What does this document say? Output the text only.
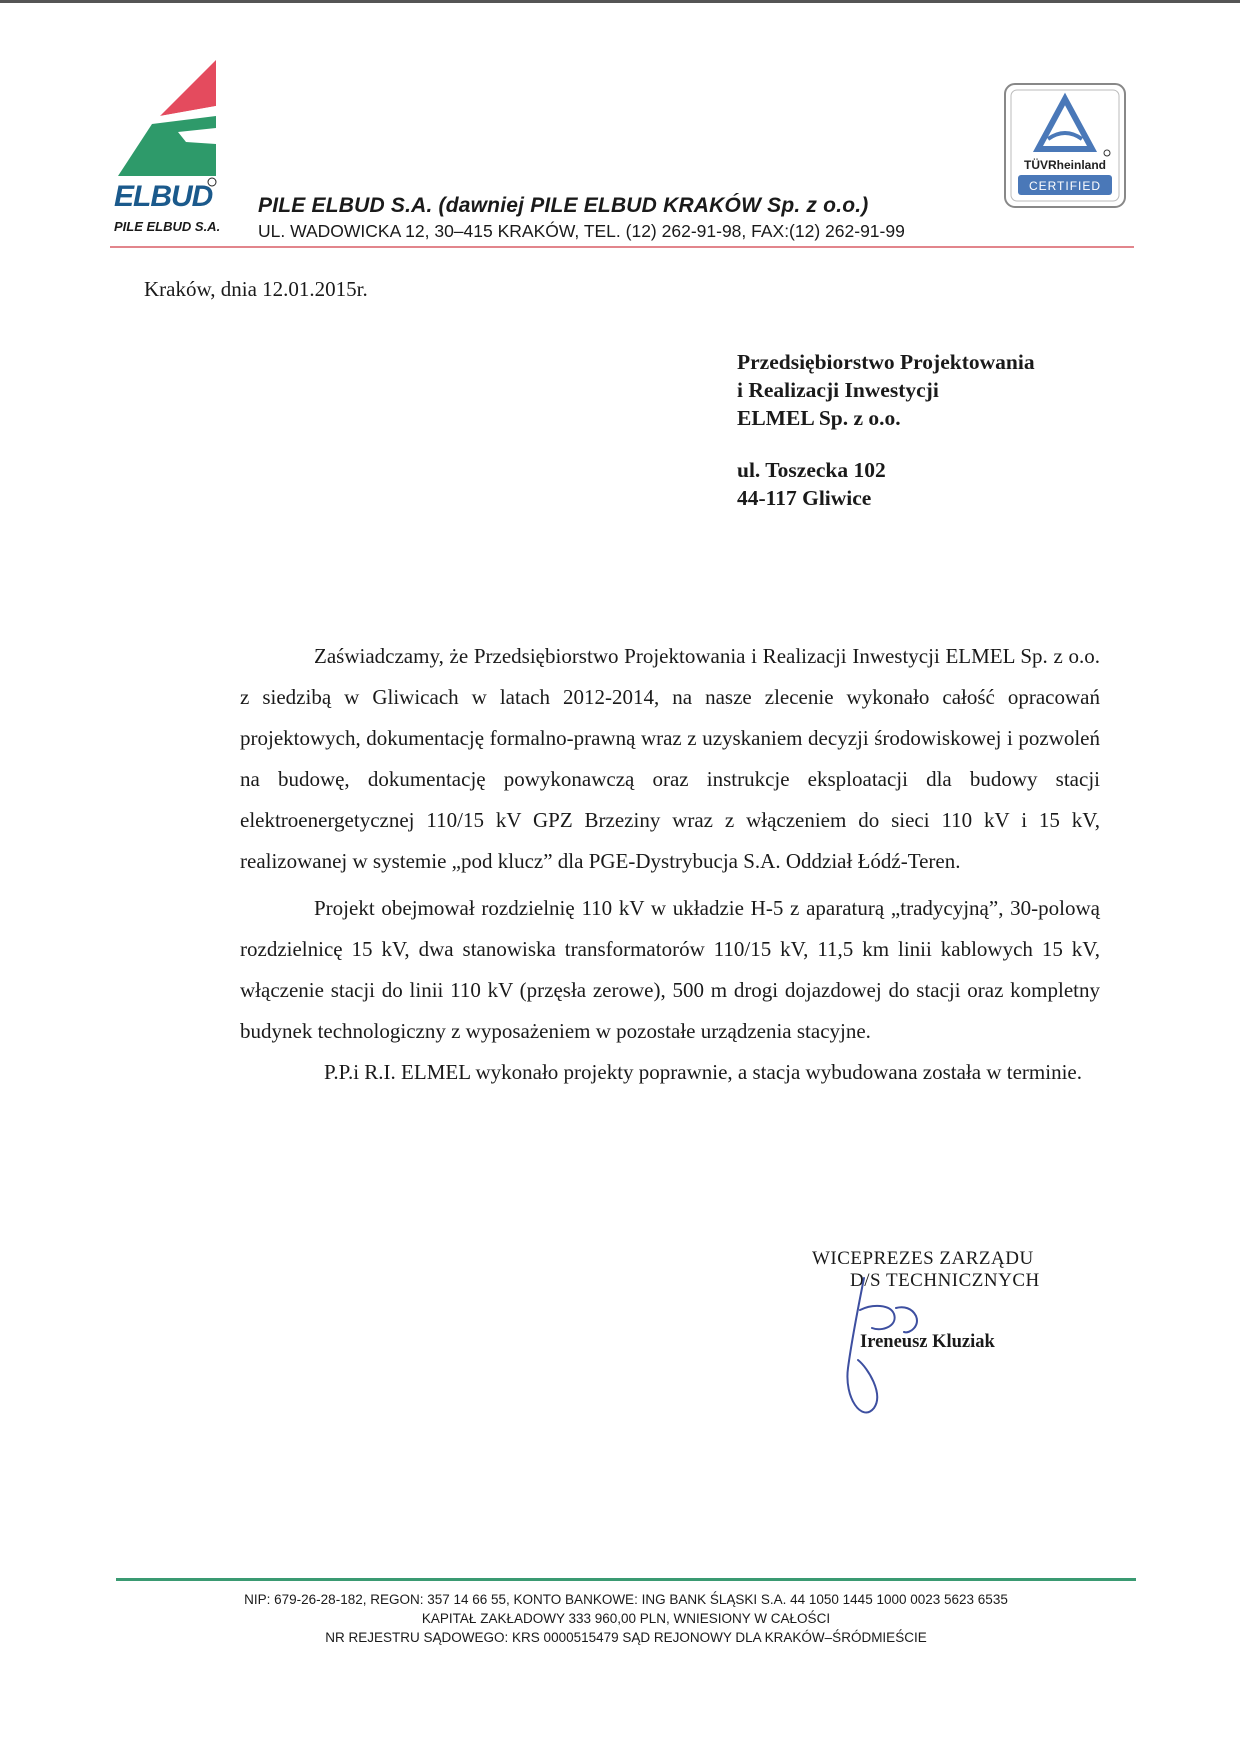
ELBUD
PILE ELBUD S.A.
PILE ELBUD S.A. (dawniej PILE ELBUD KRAKÓW Sp. z o.o.)
UL. WADOWICKA 12, 30–415 KRAKÓW, TEL. (12) 262-91-98, FAX:(12) 262-91-99
TÜVRheinland
CERTIFIED
Kraków, dnia 12.01.2015r.
Przedsiębiorstwo Projektowania
i Realizacji Inwestycji
ELMEL Sp. z o.o.
ul. Toszecka 102
44-117 Gliwice

Zaświadczamy, że Przedsiębiorstwo Projektowania i Realizacji Inwestycji ELMEL Sp. z o.o. z siedzibą w Gliwicach w latach 2012-2014, na nasze zlecenie wykonało całość opracowań projektowych, dokumentację formalno-prawną wraz z uzyskaniem decyzji środowiskowej i pozwoleń na budowę, dokumentację powykonawczą oraz instrukcje eksploatacji dla budowy stacji elektroenergetycznej 110/15 kV GPZ Brzeziny wraz z włączeniem do sieci 110 kV i 15 kV, realizowanej w systemie „pod klucz” dla PGE-Dystrybucja S.A. Oddział Łódź-Teren.

Projekt obejmował rozdzielnię 110 kV w układzie H-5 z aparaturą „tradycyjną”, 30-polową rozdzielnicę 15 kV, dwa stanowiska transformatorów 110/15 kV, 11,5 km linii kablowych 15 kV, włączenie stacji do linii 110 kV (przęsła zerowe), 500 m drogi dojazdowej do stacji oraz kompletny budynek technologiczny z wyposażeniem w pozostałe urządzenia stacyjne.

P.P.i R.I. ELMEL wykonało projekty poprawnie, a stacja wybudowana została w terminie.

WICEPREZES ZARZĄDU
D/S TECHNICZNYCH
Ireneusz Kluziak
NIP: 679-26-28-182, REGON: 357 14 66 55, KONTO BANKOWE: ING BANK ŚLĄSKI S.A. 44 1050 1445 1000 0023 5623 6535
KAPITAŁ ZAKŁADOWY 333 960,00 PLN, WNIESIONY W CAŁOŚCI
NR REJESTRU SĄDOWEGO: KRS 0000515479 SĄD REJONOWY DLA KRAKÓW–ŚRÓDMIEŚCIE
